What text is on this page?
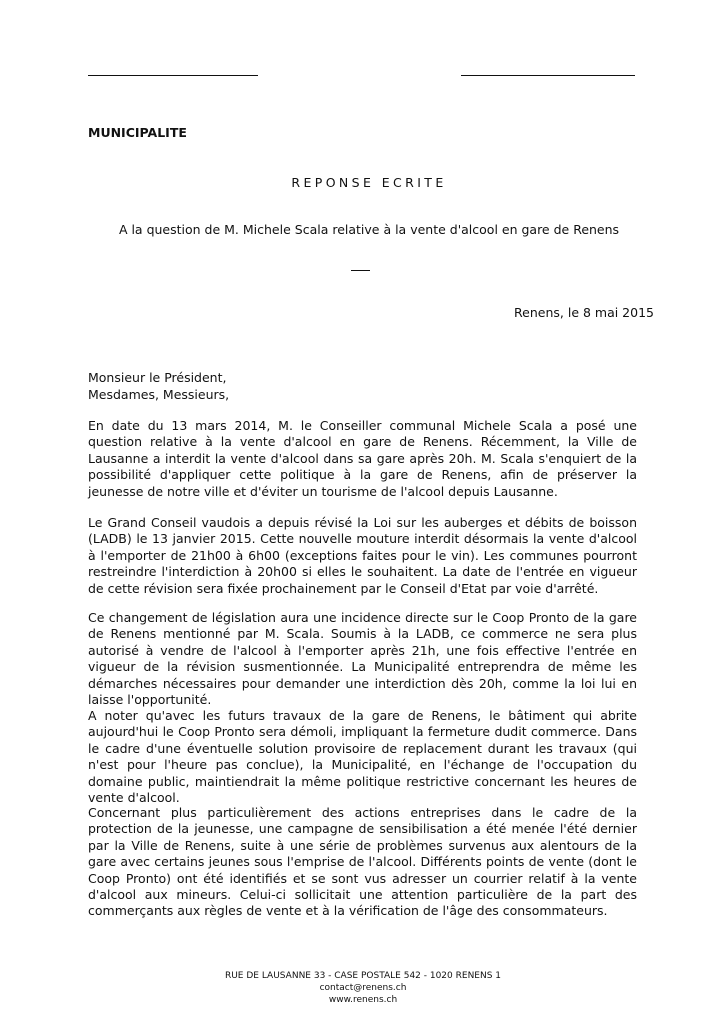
MUNICIPALITE
REPONSE ECRITE
A la question de M. Michele Scala relative à la vente d'alcool en gare de Renens
Renens, le 8 mai 2015
Monsieur le Président,
Mesdames, Messieurs,

En date du 13 mars 2014, M. le Conseiller communal Michele Scala a posé une question relative à la vente d'alcool en gare de Renens. Récemment, la Ville de Lausanne a interdit la vente d'alcool dans sa gare après 20h. M. Scala s'enquiert de la possibilité d'appliquer cette politique à la gare de Renens, afin de préserver la jeunesse de notre ville et d'éviter un tourisme de l'alcool depuis Lausanne.

Le Grand Conseil vaudois a depuis révisé la Loi sur les auberges et débits de boisson (LADB) le 13 janvier 2015. Cette nouvelle mouture interdit désormais la vente d'alcool à l'emporter de 21h00 à 6h00 (exceptions faites pour le vin). Les communes pourront restreindre l'interdiction à 20h00 si elles le souhaitent. La date de l'entrée en vigueur de cette révision sera fixée prochainement par le Conseil d'Etat par voie d'arrêté.

Ce changement de législation aura une incidence directe sur le Coop Pronto de la gare de Renens mentionné par M. Scala. Soumis à la LADB, ce commerce ne sera plus autorisé à vendre de l'alcool à l'emporter après 21h, une fois effective l'entrée en vigueur de la révision susmentionnée. La Municipalité entreprendra de même les démarches nécessaires pour demander une interdiction dès 20h, comme la loi lui en laisse l'opportunité.

A noter qu'avec les futurs travaux de la gare de Renens, le bâtiment qui abrite aujourd'hui le Coop Pronto sera démoli, impliquant la fermeture dudit commerce. Dans le cadre d'une éventuelle solution provisoire de replacement durant les travaux (qui n'est pour l'heure pas conclue), la Municipalité, en l'échange de l'occupation du domaine public, maintiendrait la même politique restrictive concernant les heures de vente d'alcool.

Concernant plus particulièrement des actions entreprises dans le cadre de la protection de la jeunesse, une campagne de sensibilisation a été menée l'été dernier par la Ville de Renens, suite à une série de problèmes survenus aux alentours de la gare avec certains jeunes sous l'emprise de l'alcool. Différents points de vente (dont le Coop Pronto) ont été identifiés et se sont vus adresser un courrier relatif à la vente d'alcool aux mineurs. Celui-ci sollicitait une attention particulière de la part des commerçants aux règles de vente et à la vérification de l'âge des consommateurs.

RUE DE LAUSANNE 33 - CASE POSTALE 542 - 1020 RENENS 1
contact@renens.ch
www.renens.ch
